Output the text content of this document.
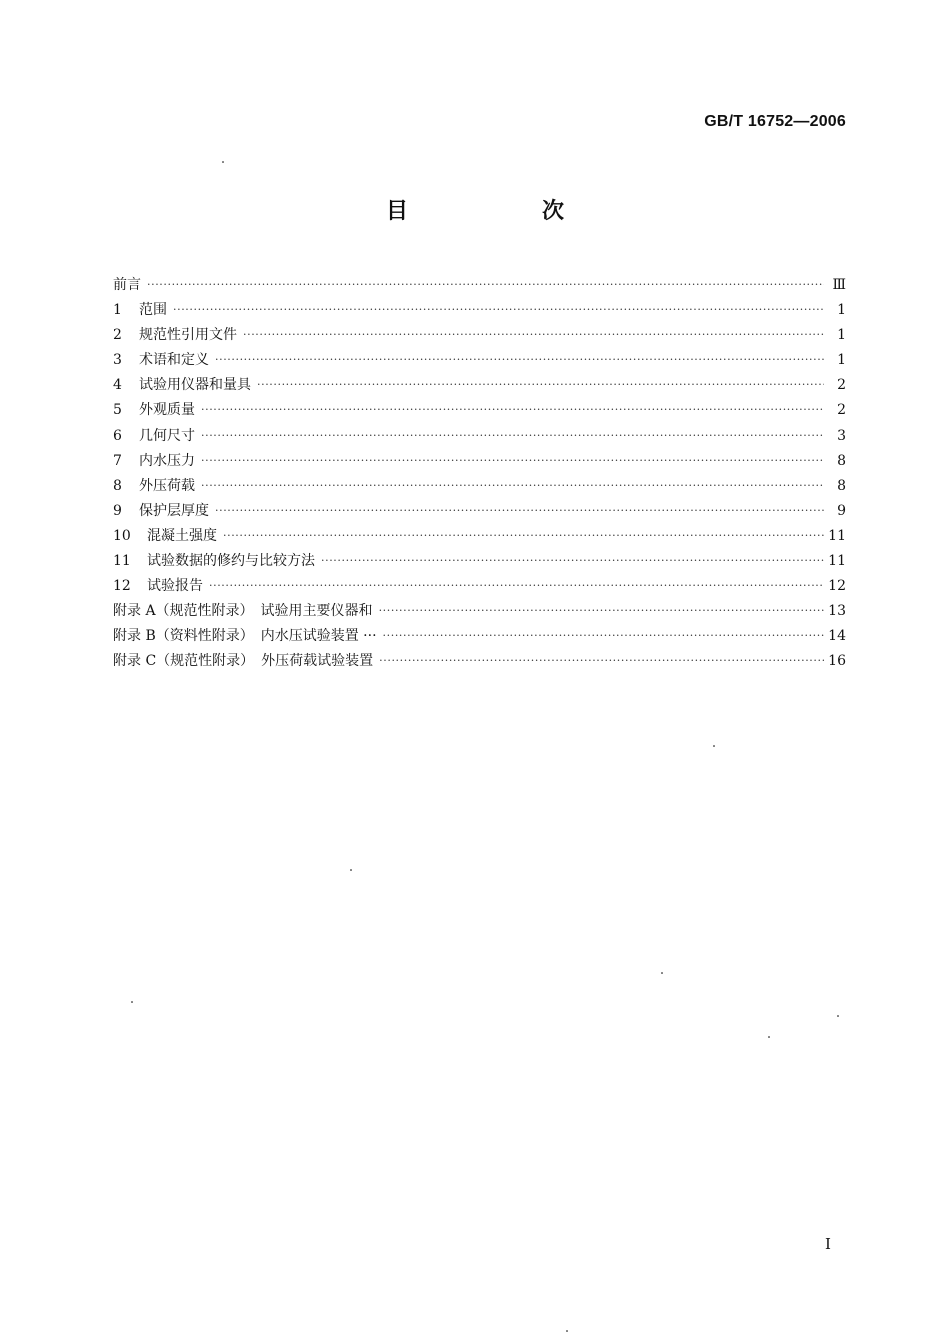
GB/T 16752—2006
目　次
前言 ·····	Ⅲ
1	范围 ·····	1
2	规范性引用文件 ·····	1
3	术语和定义 ·····	1
4	试验用仪器和量具 ·····	2
5	外观质量 ·····	2
6	几何尺寸 ·····	3
7	内水压力 ·····	8
8	外压荷载 ·····	8
9	保护层厚度 ·····	9
10	混凝土强度 ·····	11
11	试验数据的修约与比较方法 ·····	11
12	试验报告 ·····	12
附录 A（规范性附录）　试验用主要仪器和 ·····	13
附录 B（资料性附录）　内水压试验装置 ··· ·····	14
附录 C（规范性附录）　外压荷载试验装置 ·····	16
I
